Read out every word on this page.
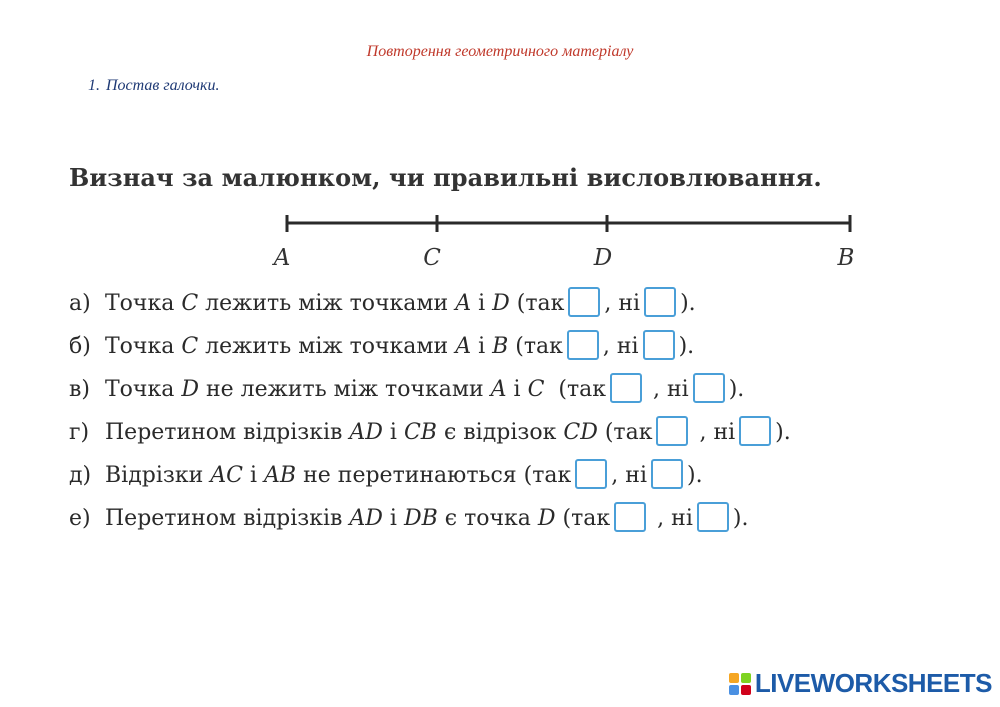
Повторення геометричного матеріалу
1. Постав галочки.
Визнач за малюнком, чи правильні висловлювання.
A	C	D	B
а) Точка C лежить між точками A і D (так , ні ).
б) Точка C лежить між точками A і B (так , ні ).
в) Точка D не лежить між точками A і C  (так , ні ).
г) Перетином відрізків AD і CB є відрізок CD (так , ні ).
д) Відрізки AC і AB не перетинаються (так , ні ).
е) Перетином відрізків AD і DB є точка D (так , ні ).
LIVEWORKSHEETS
